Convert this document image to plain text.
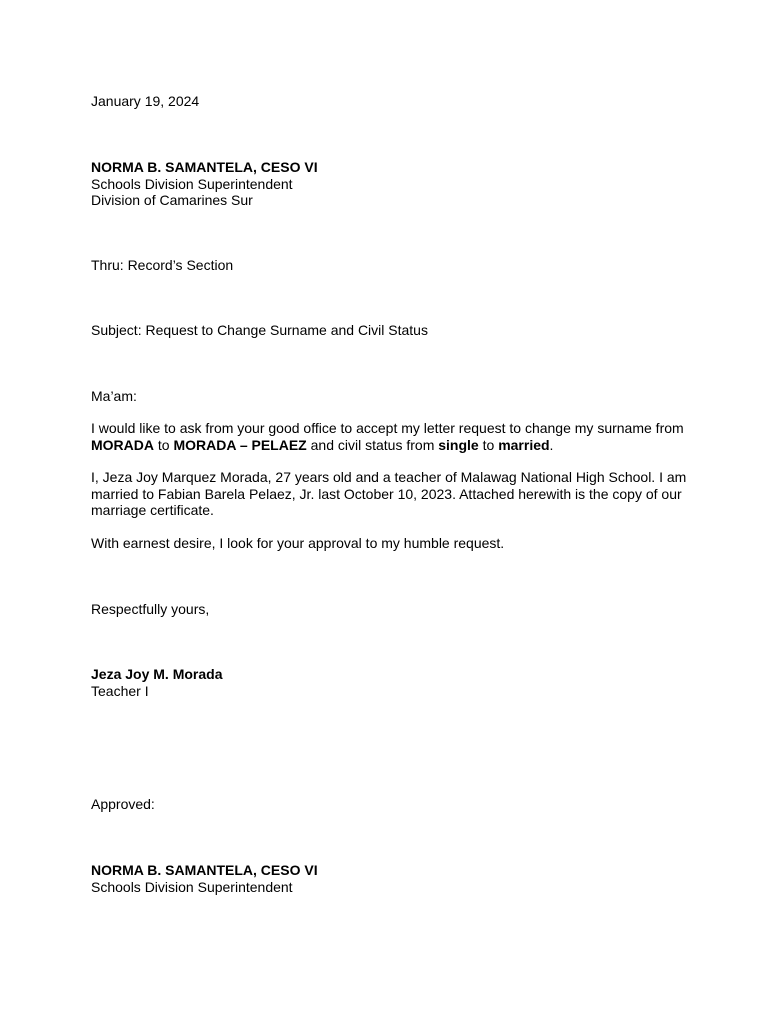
January 19, 2024
NORMA B. SAMANTELA, CESO VI
Schools Division Superintendent
Division of Camarines Sur
Thru: Record’s Section
Subject: Request to Change Surname and Civil Status
Ma’am:
I would like to ask from your good office to accept my letter request to change my surname from
MORADA to MORADA – PELAEZ and civil status from single to married.
I, Jeza Joy Marquez Morada, 27 years old and a teacher of Malawag National High School. I am
married to Fabian Barela Pelaez, Jr. last October 10, 2023. Attached herewith is the copy of our
marriage certificate.
With earnest desire, I look for your approval to my humble request.
Respectfully yours,
Jeza Joy M. Morada
Teacher I
Approved:
NORMA B. SAMANTELA, CESO VI
Schools Division Superintendent
